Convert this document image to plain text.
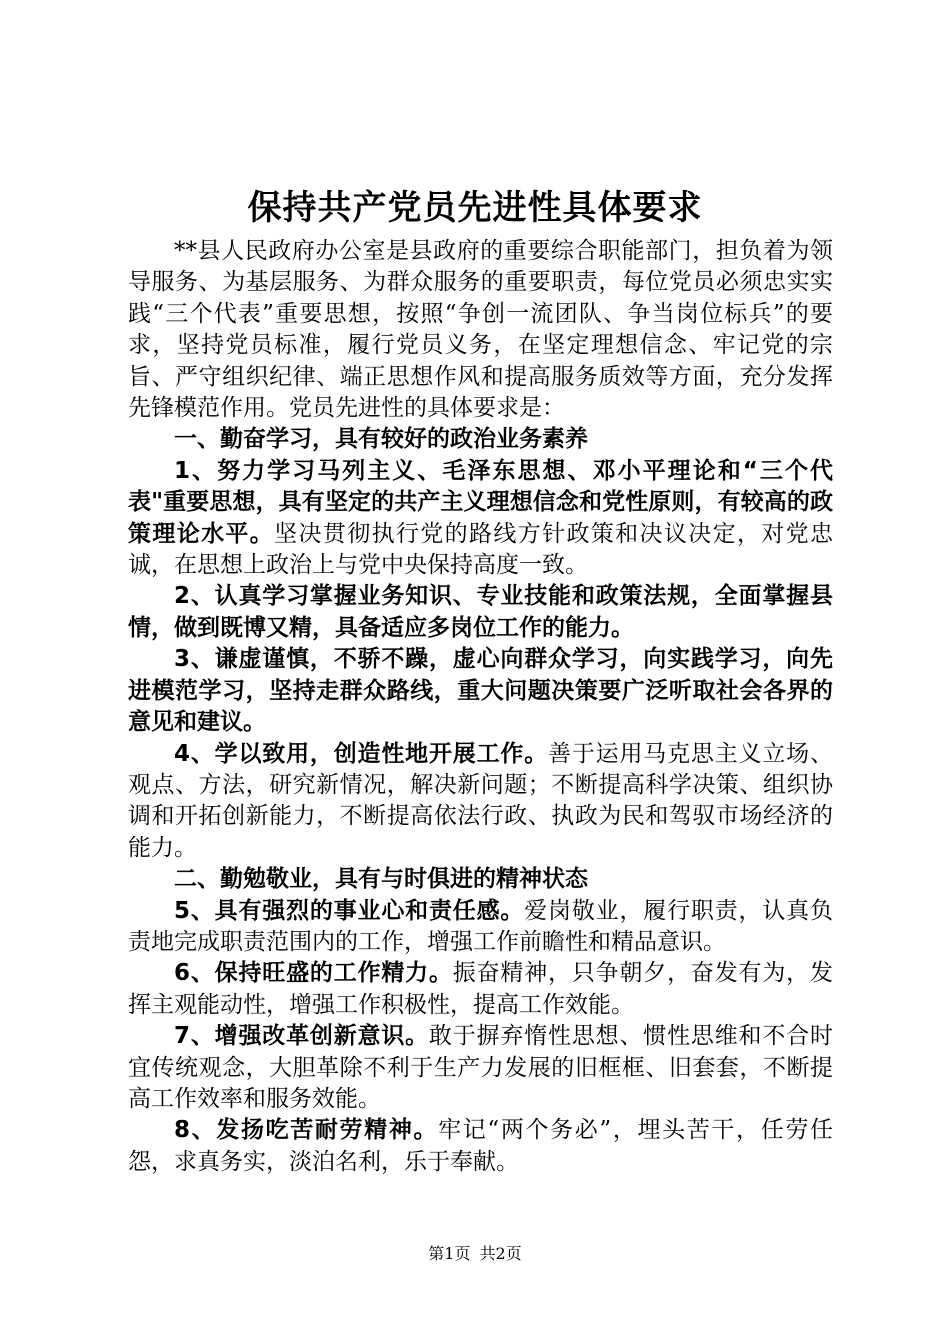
保持共产党员先进性具体要求

**县人民政府办公室是县政府的重要综合职能部门，担负着为领导服务、为基层服务、为群众服务的重要职责，每位党员必须忠实实践“三个代表”重要思想，按照“争创一流团队、争当岗位标兵”的要求，坚持党员标准，履行党员义务，在坚定理想信念、牢记党的宗旨、严守组织纪律、端正思想作风和提高服务质效等方面，充分发挥先锋模范作用。党员先进性的具体要求是：

一、勤奋学习，具有较好的政治业务素养

1、努力学习马列主义、毛泽东思想、邓小平理论和“三个代表"重要思想，具有坚定的共产主义理想信念和党性原则，有较高的政策理论水平。坚决贯彻执行党的路线方针政策和决议决定，对党忠诚，在思想上政治上与党中央保持高度一致。

2、认真学习掌握业务知识、专业技能和政策法规，全面掌握县情，做到既博又精，具备适应多岗位工作的能力。

3、谦虚谨慎，不骄不躁，虚心向群众学习，向实践学习，向先进模范学习，坚持走群众路线，重大问题决策要广泛听取社会各界的意见和建议。

4、学以致用，创造性地开展工作。善于运用马克思主义立场、观点、方法，研究新情况，解决新问题；不断提高科学决策、组织协调和开拓创新能力，不断提高依法行政、执政为民和驾驭市场经济的能力。

二、勤勉敬业，具有与时俱进的精神状态

5、具有强烈的事业心和责任感。爱岗敬业，履行职责，认真负责地完成职责范围内的工作，增强工作前瞻性和精品意识。

6、保持旺盛的工作精力。振奋精神，只争朝夕，奋发有为，发挥主观能动性，增强工作积极性，提高工作效能。

7、增强改革创新意识。敢于摒弃惰性思想、惯性思维和不合时宜传统观念，大胆革除不利于生产力发展的旧框框、旧套套，不断提高工作效率和服务效能。

8、发扬吃苦耐劳精神。牢记“两个务必”，埋头苦干，任劳任怨，求真务实，淡泊名利，乐于奉献。

第1页 共2页
